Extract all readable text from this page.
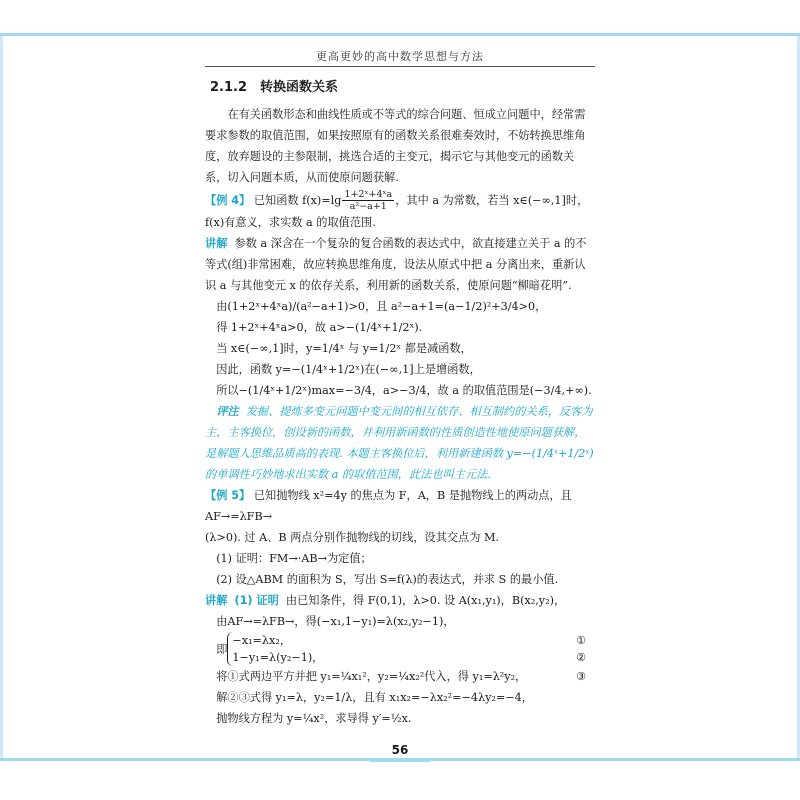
更高更妙的高中数学思想与方法
2.1.2　转换函数关系

在有关函数形态和曲线性质或不等式的综合问题、恒成立问题中，经常需要求参数的取值范围，如果按照原有的函数关系很难奏效时，不妨转换思维角度，放弃题设的主参限制，挑选合适的主变元，揭示它与其他变元的函数关系，切入问题本质，从而使原问题获解.

【例 4】
已知函数 $f(x)=\lg \frac{\text{1+2ˣ+4ˣa}}{\text{a²−a+1}}$ ，其中 a 为常数，若当 x∈(−∞,1]时，

f(x)有意义，求实数 a 的取值范围.

讲解 参数 a 深含在一个复杂的复合函数的表达式中，欲直接建立关于 a 的不等式(组)非常困难，故应转换思维角度，设法从原式中把 a 分离出来，重新认识 a 与其他变元 x 的依存关系，利用新的函数关系，使原问题“柳暗花明”.

由(1+2ˣ+4ˣa)/(a²−a+1)>0，且 a²−a+1=(a−1/2)²+3/4>0，

得 1+2ˣ+4ˣa>0，故 a>−(1/4ˣ+1/2ˣ).

当 x∈(−∞,1]时，y=1/4ˣ 与 y=1/2ˣ 都是减函数，

因此，函数 y=−(1/4ˣ+1/2ˣ)在(−∞,1]上是增函数，

所以−(1/4ˣ+1/2ˣ)max=−3/4，a>−3/4，故 a 的取值范围是(−3/4,+∞).

评注 发掘、提炼多变元问题中变元间的相互依存、相互制约的关系，反客为主，主客换位，创设新的函数，并利用新函数的性质创造性地使原问题获解，是解题人思维品质高的表现. 本题主客换位后，利用新建函数 y=−(1/4ˣ+1/2ˣ)的单调性巧妙地求出实数 a 的取值范围，此法也叫主元法.

【例 5】 已知抛物线 x²=4y 的焦点为 F，A，B 是抛物线上的两动点，且AF→=λFB→

(λ>0). 过 A、B 两点分别作抛物线的切线，设其交点为 M.

(1) 证明：FM→·AB→为定值；

(2) 设△ABM 的面积为 S，写出 S=f(λ)的表达式，并求 S 的最小值.

讲解 (1) 证明 由已知条件，得 F(0,1)，λ>0. 设 A(x₁,y₁)，B(x₂,y₂)，

由AF→=λFB→，得(−x₁,1−y₁)=λ(x₂,y₂−1)，

即
−x₁=λx₂，
1−y₁=λ(y₂−1)，
①
②

将①式两边平方并把 y₁=¼x₁²，y₂=¼x₂²代入，得 y₁=λ²y₂，	③

解②③式得 y₁=λ，y₂=1/λ，且有 x₁x₂=−λx₂²=−4λy₂=−4，

抛物线方程为 y=¼x²，求导得 y′=½x.

56
